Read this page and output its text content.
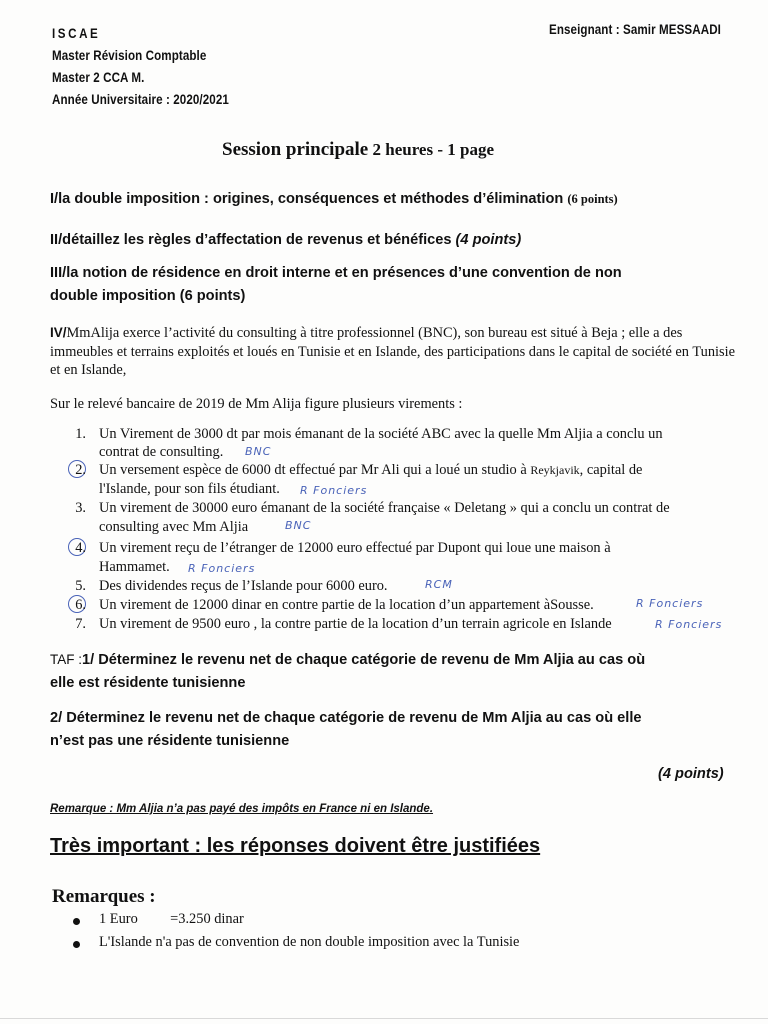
ISCAE
Master Révision Comptable
Master 2 CCA M.
Année Universitaire : 2020/2021
Enseignant : Samir MESSAADI
Session principale 2 heures - 1 page
I/la double imposition : origines, conséquences et méthodes d’élimination (6 points)
II/détaillez les règles d’affectation de revenus et bénéfices (4 points)
III/la notion de résidence en droit interne et en présences d’une convention de non
double imposition (6 points)
IV/MmAlija exerce l’activité du consulting à titre professionnel (BNC), son bureau est situé à Beja ; elle a des immeubles et terrains exploités et loués en Tunisie et en Islande, des participations dans le capital de société en Tunisie et en Islande,
Sur le relevé bancaire de 2019 de Mm Alija figure plusieurs virements :
1. Un Virement de 3000 dt par mois émanant de la société ABC avec la quelle Mm Aljia a conclu un
contrat de consulting. BNC
2. Un versement espèce de 6000 dt effectué par Mr Ali qui a loué un studio à Reykjavik, capital de
l'Islande, pour son fils étudiant. R Fonciers
3. Un virement de 30000 euro émanant de la société française « Deletang » qui a conclu un contrat de
consulting avec Mm Aljia	BNC
4. Un virement reçu de l’étranger de 12000 euro effectué par Dupont qui loue une maison à
Hammamet. R Fonciers
5. Des dividendes reçus de l’Islande pour 6000 euro.	RCM
6. Un virement de 12000 dinar en contre partie de la location d’un appartement àSousse.	R Fonciers
7. Un virement de 9500 euro , la contre partie de la location d’un terrain agricole en Islande	R Fonciers
TAF :1/ Déterminez le revenu net de chaque catégorie de revenu de Mm Aljia au cas où
elle est résidente tunisienne
2/ Déterminez le revenu net de chaque catégorie de revenu de Mm Aljia au cas où elle
n’est pas une résidente tunisienne
(4 points)
Remarque : Mm Aljia n’a pas payé des impôts en France ni en Islande.
Très important : les réponses doivent être justifiées
Remarques :
1 Euro         =3.250 dinar
L'Islande n'a pas de convention de non double imposition avec la Tunisie
